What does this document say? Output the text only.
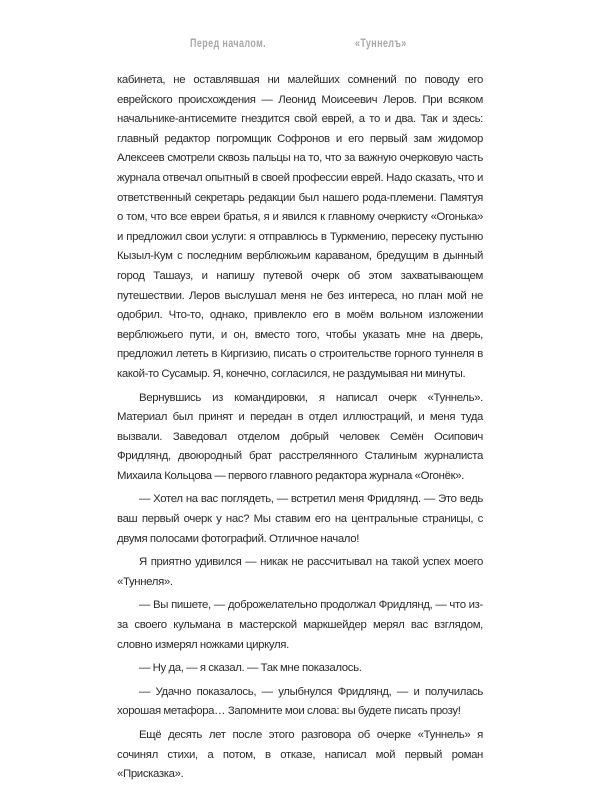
Перед началом.	«Туннелъ»

кабинета, не оставлявшая ни малейших сомнений по поводу его еврейского происхождения — Леонид Моисеевич Леров. При всяком начальнике-антисемите гнездится свой еврей, а то и два. Так и здесь: главный редактор погромщик Софронов и его первый зам жидомор Алексеев смотрели сквозь пальцы на то, что за важную очерковую часть журнала отвечал опытный в своей профессии еврей. Надо сказать, что и ответственный секретарь редакции был нашего рода-племени. Памятуя о том, что все евреи братья, я и явился к главному очеркисту «Огонька» и предложил свои услуги: я отправлюсь в Туркмению, пересеку пустыню Кызыл-Кум с последним верблюжьим караваном, бредущим в дынный город Ташауз, и напишу путевой очерк об этом захватывающем путешествии. Леров выслушал меня не без интереса, но план мой не одобрил. Что-то, однако, привлекло его в моём вольном изложении верблюжьего пути, и он, вместо того, чтобы указать мне на дверь, предложил лететь в Киргизию, писать о строительстве горного туннеля в какой-то Сусамыр. Я, конечно, согласился, не раздумывая ни минуты.

Вернувшись из командировки, я написал очерк «Туннель». Материал был принят и передан в отдел иллюстраций, и меня туда вызвали. Заведовал отделом добрый человек Семён Осипович Фридлянд, двоюродный брат расстрелянного Сталиным журналиста Михаила Кольцова — первого главного редактора журнала «Огонёк».

— Хотел на вас поглядеть, — встретил меня Фридлянд. — Это ведь ваш первый очерк у нас? Мы ставим его на центральные страницы, с двумя полосами фотографий. Отличное начало!

Я приятно удивился — никак не рассчитывал на такой успех моего «Туннеля».

— Вы пишете, — доброжелательно продолжал Фридлянд, — что из-за своего кульмана в мастерской маркшейдер мерял вас взглядом, словно измерял ножками циркуля.

— Ну да, — я сказал. — Так мне показалось.

— Удачно показалось, — улыбнулся Фридлянд, — и получилась хорошая метафора… Запомните мои слова: вы будете писать прозу!

Ещё десять лет после этого разговора об очерке «Туннель» я сочинял стихи, а потом, в отказе, написал мой первый роман «Присказка».
